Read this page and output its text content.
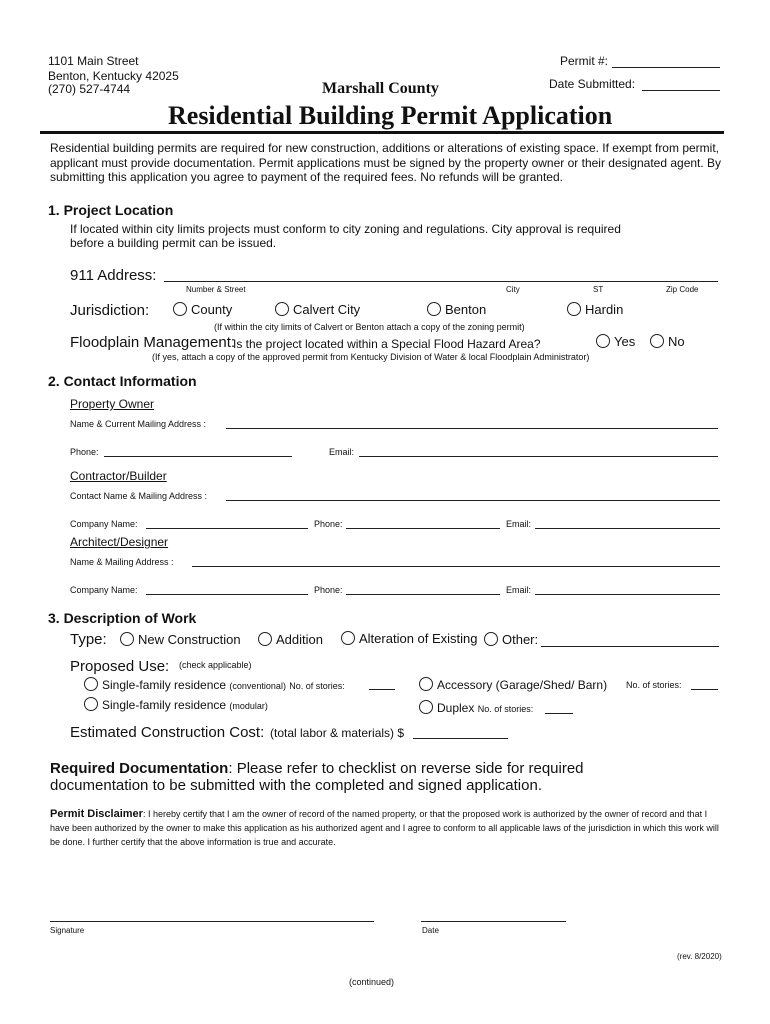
1101 Main Street
Benton, Kentucky 42025
(270) 527-4744	Marshall County
Permit #:
Date Submitted:
Residential Building Permit Application
Residential building permits are required for new construction, additions or alterations of existing space. If exempt from permit, applicant must provide documentation. Permit applications must be signed by the property owner or their designated agent. By submitting this application you agree to payment of the required fees. No refunds will be granted.
1. Project Location
If located within city limits projects must conform to city zoning and regulations. City approval is required
before a building permit can be issued.
911 Address:
Number & Street	City	ST	Zip Code
Jurisdiction:	County	Calvert City	Benton	Hardin
(If within the city limits of Calvert or Benton attach a copy of the zoning permit)
Floodplain Management:
Is the project located within a Special Flood Hazard Area?	Yes	No
(If yes, attach a copy of the approved permit from Kentucky Division of Water & local Floodplain Administrator)
2. Contact Information
Property Owner
Name & Current Mailing Address :
Phone:	Email:
Contractor/Builder
Contact Name & Mailing Address :
Company Name:	Phone:	Email:
Architect/Designer
Name & Mailing Address :
Company Name:	Phone:	Email:
3. Description of Work
Type:	New Construction	Addition	Alteration of Existing	Other:
Proposed Use: (check applicable)
Single-family residence (conventional) No. of stories:	Accessory (Garage/Shed/ Barn) No. of stories:
Single-family residence (modular)	Duplex No. of stories:
Estimated Construction Cost: (total labor & materials) $
Required Documentation: Please refer to checklist on reverse side for required
documentation to be submitted with the completed and signed application.
Permit Disclaimer: I hereby certify that I am the owner of record of the named property, or that the proposed work is authorized by the owner of record and that I have been authorized by the owner to make this application as his authorized agent and I agree to conform to all applicable laws of the jurisdiction in which this work will be done. I further certify that the above information is true and accurate.
Signature	Date
(rev. 8/2020)
(continued)
